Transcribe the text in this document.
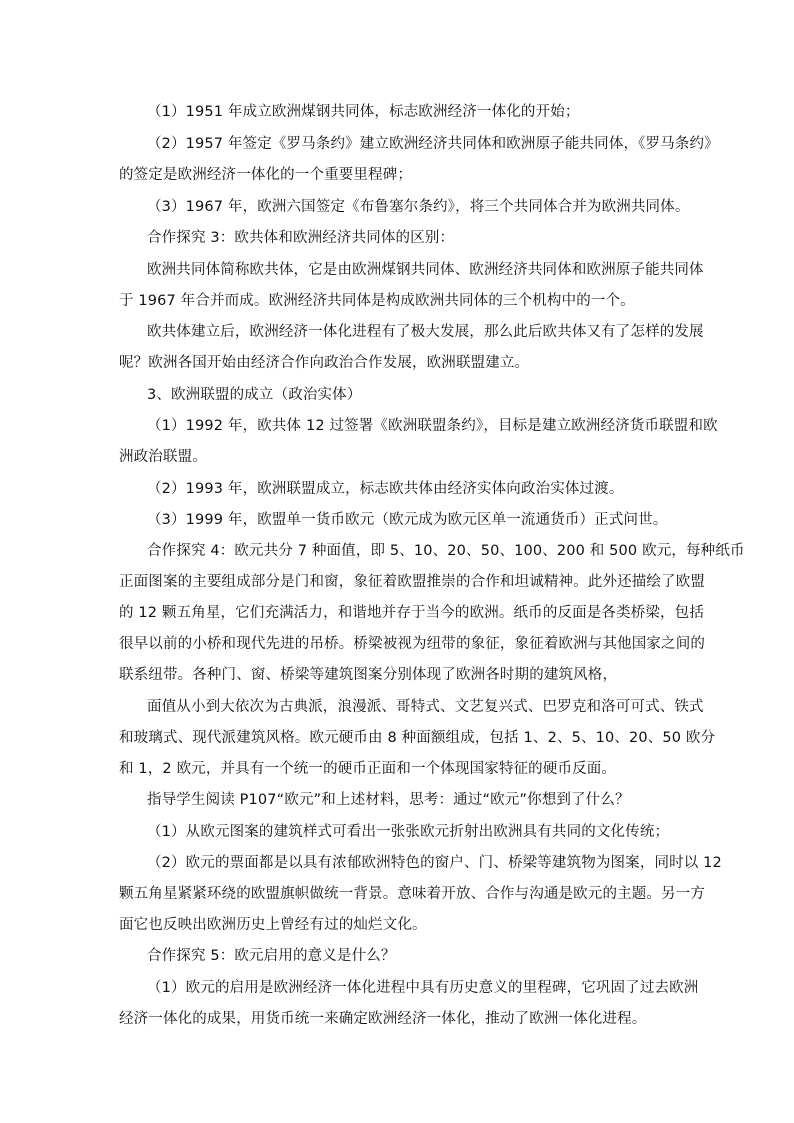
（1）1951 年成立欧洲煤钢共同体，标志欧洲经济一体化的开始；
（2）1957 年签定《罗马条约》建立欧洲经济共同体和欧洲原子能共同体，《罗马条约》
的签定是欧洲经济一体化的一个重要里程碑；
（3）1967 年，欧洲六国签定《布鲁塞尔条约》，将三个共同体合并为欧洲共同体。
合作探究 3：欧共体和欧洲经济共同体的区别：
欧洲共同体简称欧共体，它是由欧洲煤钢共同体、欧洲经济共同体和欧洲原子能共同体
于 1967 年合并而成。欧洲经济共同体是构成欧洲共同体的三个机构中的一个。
欧共体建立后，欧洲经济一体化进程有了极大发展，那么此后欧共体又有了怎样的发展
呢？欧洲各国开始由经济合作向政治合作发展，欧洲联盟建立。
3、欧洲联盟的成立（政治实体）
（1）1992 年，欧共体 12 过签署《欧洲联盟条约》，目标是建立欧洲经济货币联盟和欧
洲政治联盟。
（2）1993 年，欧洲联盟成立，标志欧共体由经济实体向政治实体过渡。
（3）1999 年，欧盟单一货币欧元（欧元成为欧元区单一流通货币）正式问世。
合作探究 4：欧元共分 7 种面值，即 5、10、20、50、100、200 和 500 欧元，每种纸币
正面图案的主要组成部分是门和窗，象征着欧盟推崇的合作和坦诚精神。此外还描绘了欧盟
的 12 颗五角星，它们充满活力，和谐地并存于当今的欧洲。纸币的反面是各类桥梁，包括
很早以前的小桥和现代先进的吊桥。桥梁被视为纽带的象征，象征着欧洲与其他国家之间的
联系纽带。各种门、窗、桥梁等建筑图案分别体现了欧洲各时期的建筑风格，
面值从小到大依次为古典派，浪漫派、哥特式、文艺复兴式、巴罗克和洛可可式、铁式
和玻璃式、现代派建筑风格。欧元硬币由 8 种面额组成，包括 1、2、5、10、20、50 欧分
和 1，2 欧元，并具有一个统一的硬币正面和一个体现国家特征的硬币反面。
指导学生阅读 P107“欧元”和上述材料，思考：通过“欧元”你想到了什么？
（1）从欧元图案的建筑样式可看出一张张欧元折射出欧洲具有共同的文化传统；
（2）欧元的票面都是以具有浓郁欧洲特色的窗户、门、桥梁等建筑物为图案，同时以 12
颗五角星紧紧环绕的欧盟旗帜做统一背景。意味着开放、合作与沟通是欧元的主题。另一方
面它也反映出欧洲历史上曾经有过的灿烂文化。
合作探究 5：欧元启用的意义是什么？
（1）欧元的启用是欧洲经济一体化进程中具有历史意义的里程碑，它巩固了过去欧洲
经济一体化的成果，用货币统一来确定欧洲经济一体化，推动了欧洲一体化进程。
